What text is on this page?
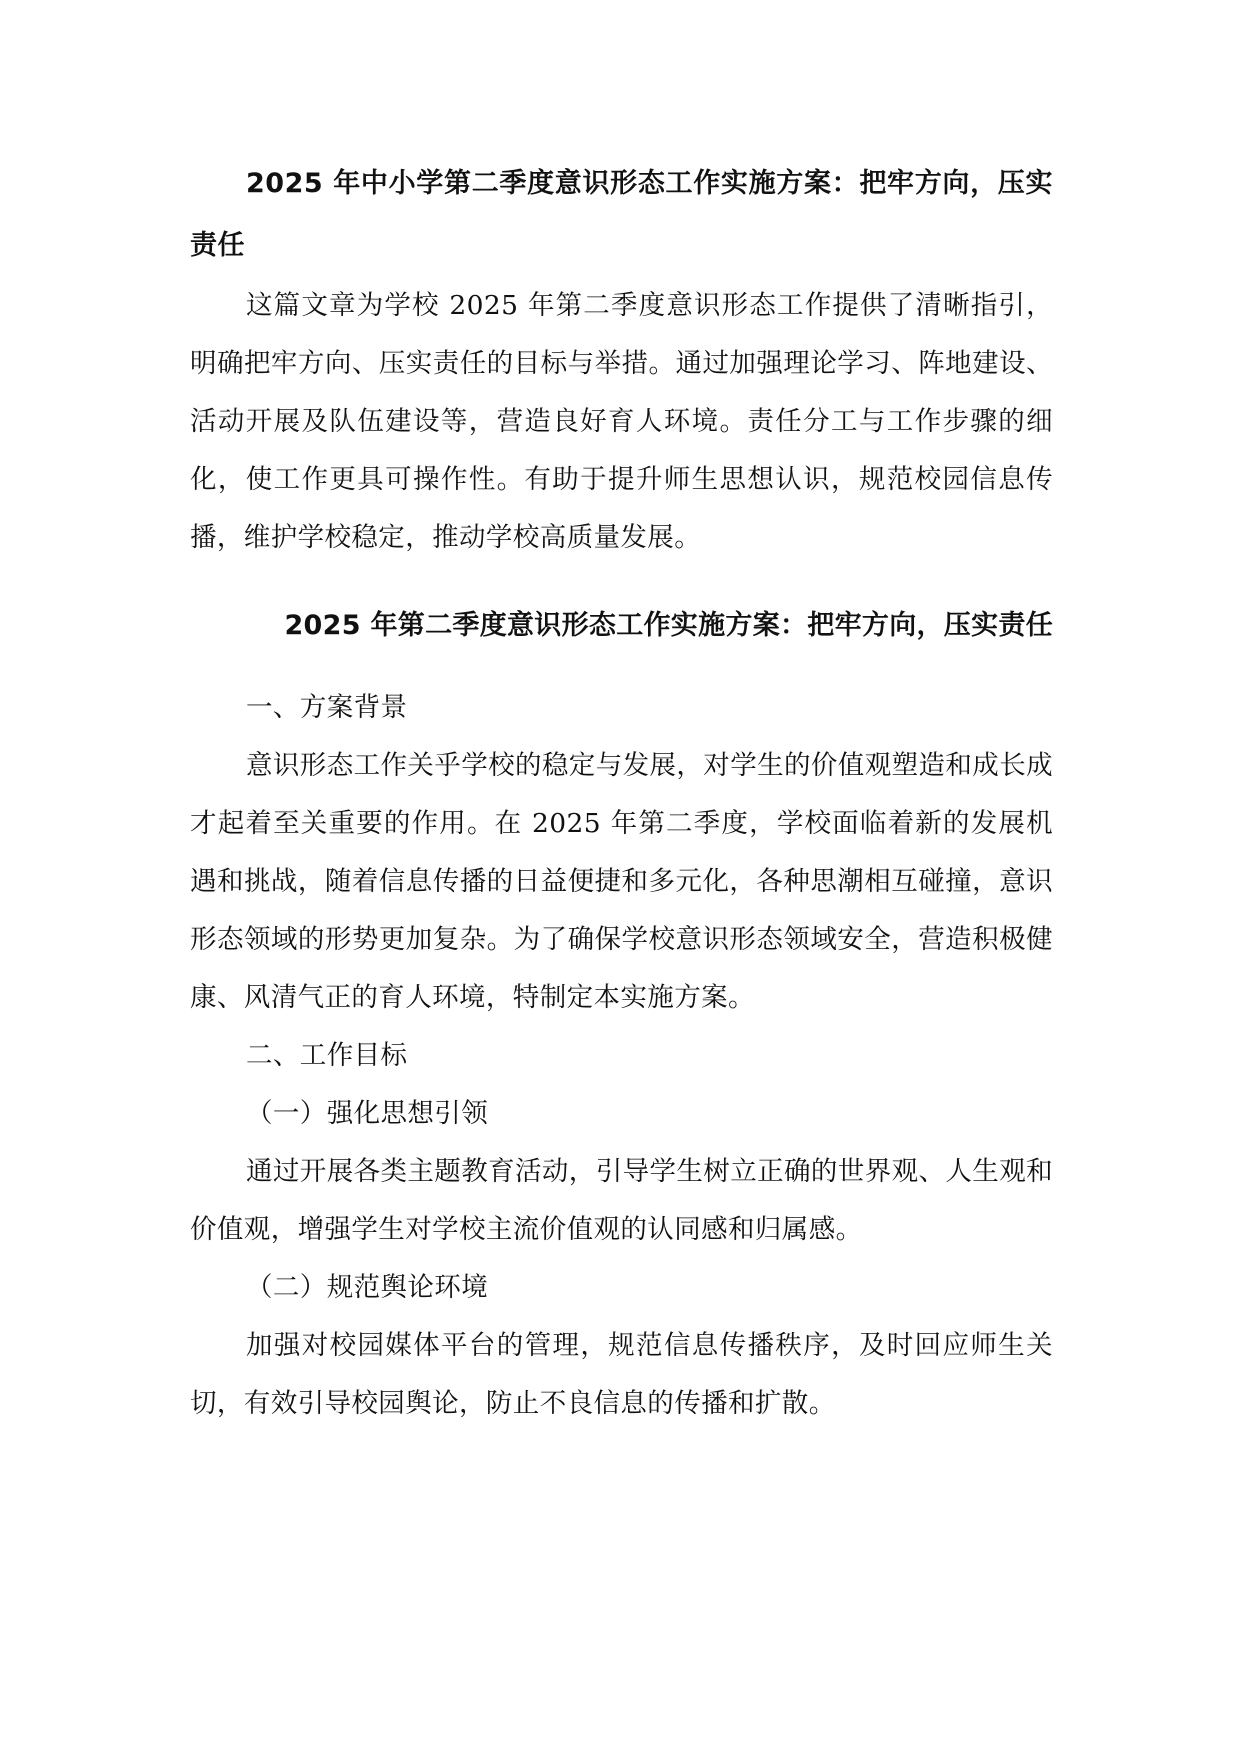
2025 年中小学第二季度意识形态工作实施方案：把牢方向，压实责任

这篇文章为学校 2025 年第二季度意识形态工作提供了清晰指引，明确把牢方向、压实责任的目标与举措。通过加强理论学习、阵地建设、活动开展及队伍建设等，营造良好育人环境。责任分工与工作步骤的细化，使工作更具可操作性。有助于提升师生思想认识，规范校园信息传播，维护学校稳定，推动学校高质量发展。

2025 年第二季度意识形态工作实施方案：把牢方向，压实责任

一、方案背景

意识形态工作关乎学校的稳定与发展，对学生的价值观塑造和成长成才起着至关重要的作用。在 2025 年第二季度，学校面临着新的发展机遇和挑战，随着信息传播的日益便捷和多元化，各种思潮相互碰撞，意识形态领域的形势更加复杂。为了确保学校意识形态领域安全，营造积极健康、风清气正的育人环境，特制定本实施方案。

二、工作目标

（一）强化思想引领

通过开展各类主题教育活动，引导学生树立正确的世界观、人生观和价值观，增强学生对学校主流价值观的认同感和归属感。

（二）规范舆论环境

加强对校园媒体平台的管理，规范信息传播秩序，及时回应师生关切，有效引导校园舆论，防止不良信息的传播和扩散。
